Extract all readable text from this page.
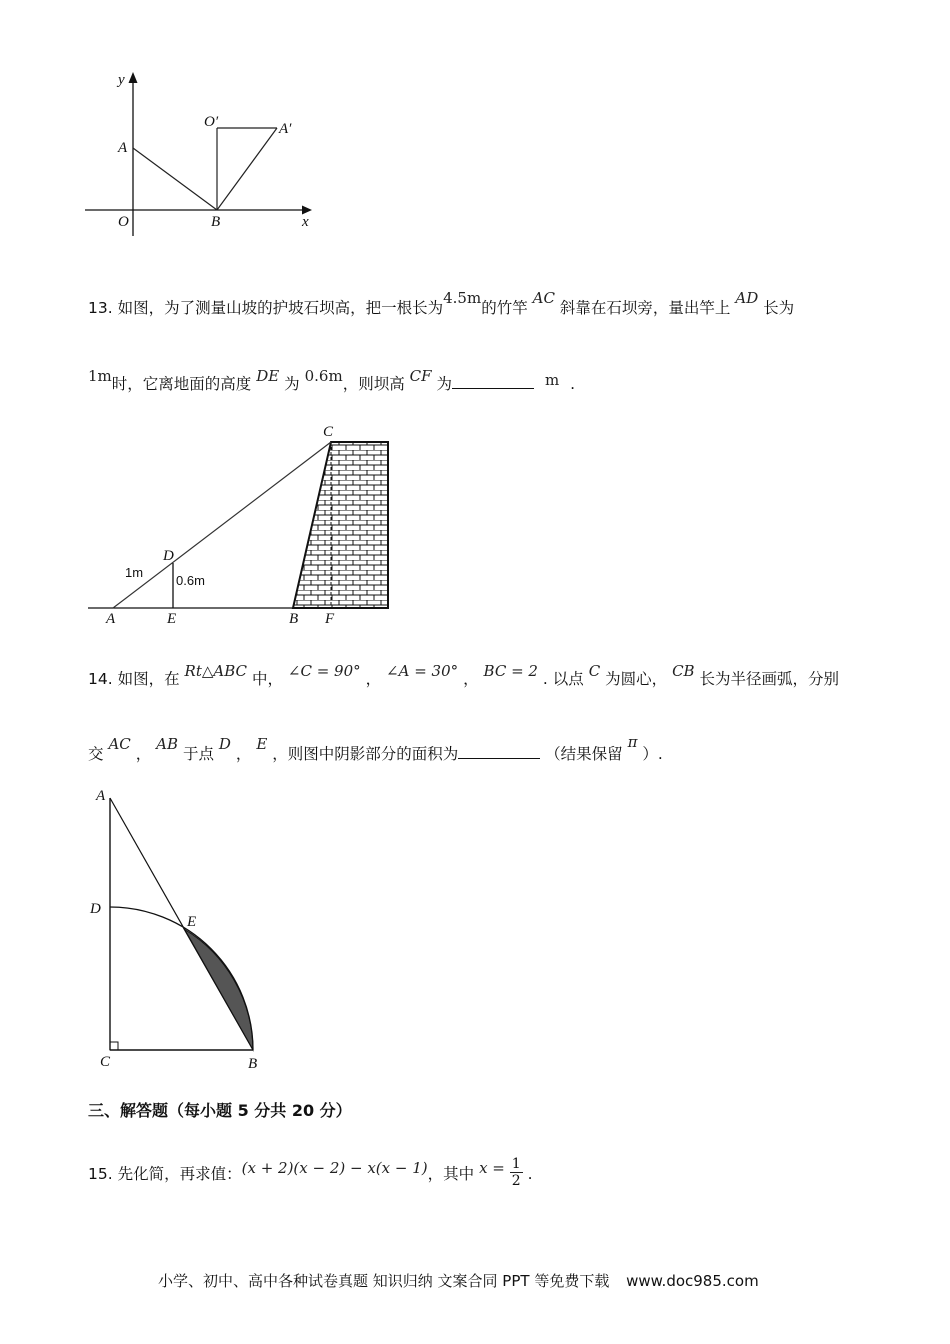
y
x
O
A
B
O′	A′
13. 如图，为了测量山坡的护坡石坝高，把一根长为4.5m的竹竿 AC 斜靠在石坝旁，量出竿上 AD 长为
1m时，它离地面的高度 DE 为 0.6m，则坝高 CF 为	m .
C
D
A	E	B F
1m
0.6m
14. 如图，在 Rt△ABC 中， ∠C = 90° ， ∠A = 30° ， BC = 2 . 以点 C 为圆心， CB 长为半径画弧，分别
交 AC ， AB 于点 D ， E ，则图中阴影部分的面积为	（结果保留 π ）.
A
D
E
C	B
三、解答题（每小题 5 分共 20 分）
15. 先化简，再求值：(x + 2)(x − 2) − x(x − 1)，其中 $x = \frac{1}{2}$ .
小学、初中、高中各种试卷真题 知识归纳 文案合同 PPT 等免费下载 www.doc985.com
